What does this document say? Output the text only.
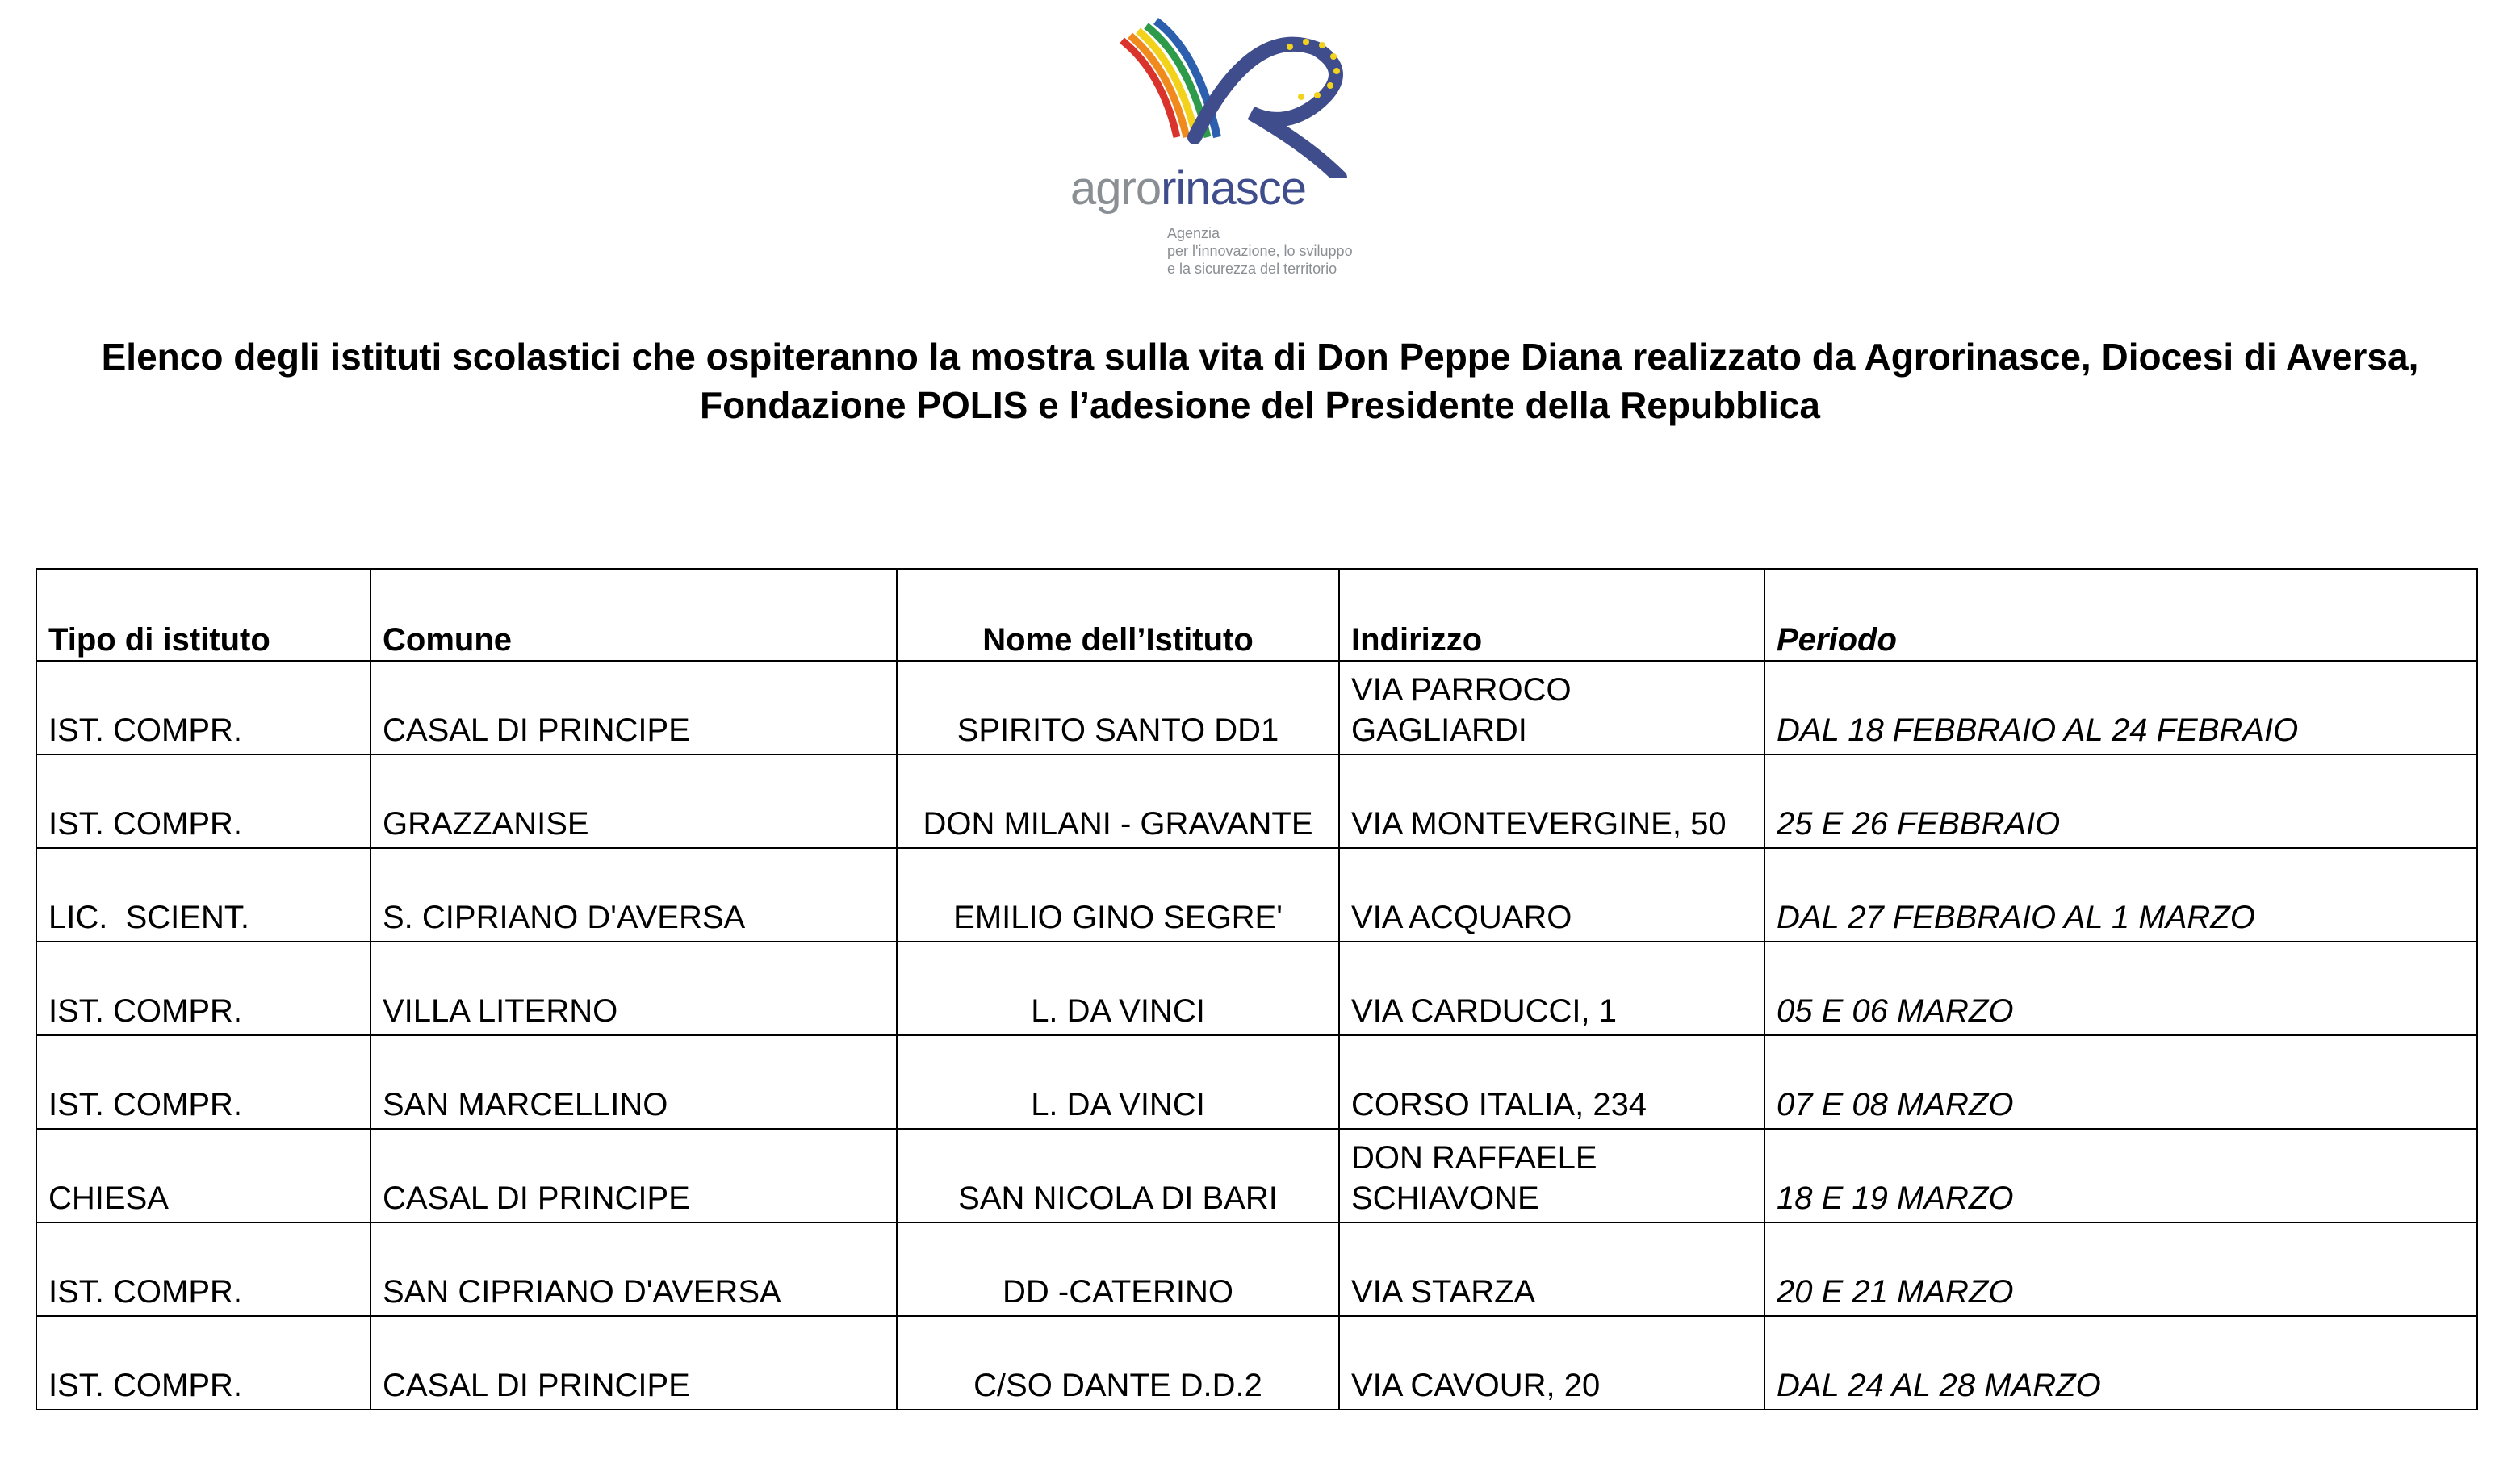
agrorinasce
Agenzia
per l'innovazione, lo sviluppo
e la sicurezza del territorio
Elenco degli istituti scolastici che ospiteranno la mostra sulla vita di Don Peppe Diana realizzato da Agrorinasce, Diocesi di Aversa, Fondazione POLIS e l’adesione del Presidente della Repubblica
Tipo di istituto	Comune	Nome dell’Istituto	Indirizzo	Periodo
IST. COMPR.	CASAL DI PRINCIPE	SPIRITO SANTO DD1	VIA PARROCO GAGLIARDI	DAL 18 FEBBRAIO AL 24 FEBRAIO
IST. COMPR.	GRAZZANISE	DON MILANI - GRAVANTE	VIA MONTEVERGINE, 50	25 E 26 FEBBRAIO
LIC.  SCIENT.	S. CIPRIANO D'AVERSA	EMILIO GINO SEGRE'	VIA ACQUARO	DAL 27 FEBBRAIO AL 1 MARZO
IST. COMPR.	VILLA LITERNO	L. DA VINCI	VIA CARDUCCI, 1	05 E 06 MARZO
IST. COMPR.	SAN MARCELLINO	L. DA VINCI	CORSO ITALIA, 234	07 E 08 MARZO
CHIESA	CASAL DI PRINCIPE	SAN NICOLA DI BARI	DON RAFFAELE SCHIAVONE	18 E 19 MARZO
IST. COMPR.	SAN CIPRIANO D'AVERSA	DD -CATERINO	VIA STARZA	20 E 21 MARZO
IST. COMPR.	CASAL DI PRINCIPE	C/SO DANTE D.D.2	VIA CAVOUR, 20	DAL 24 AL 28 MARZO
